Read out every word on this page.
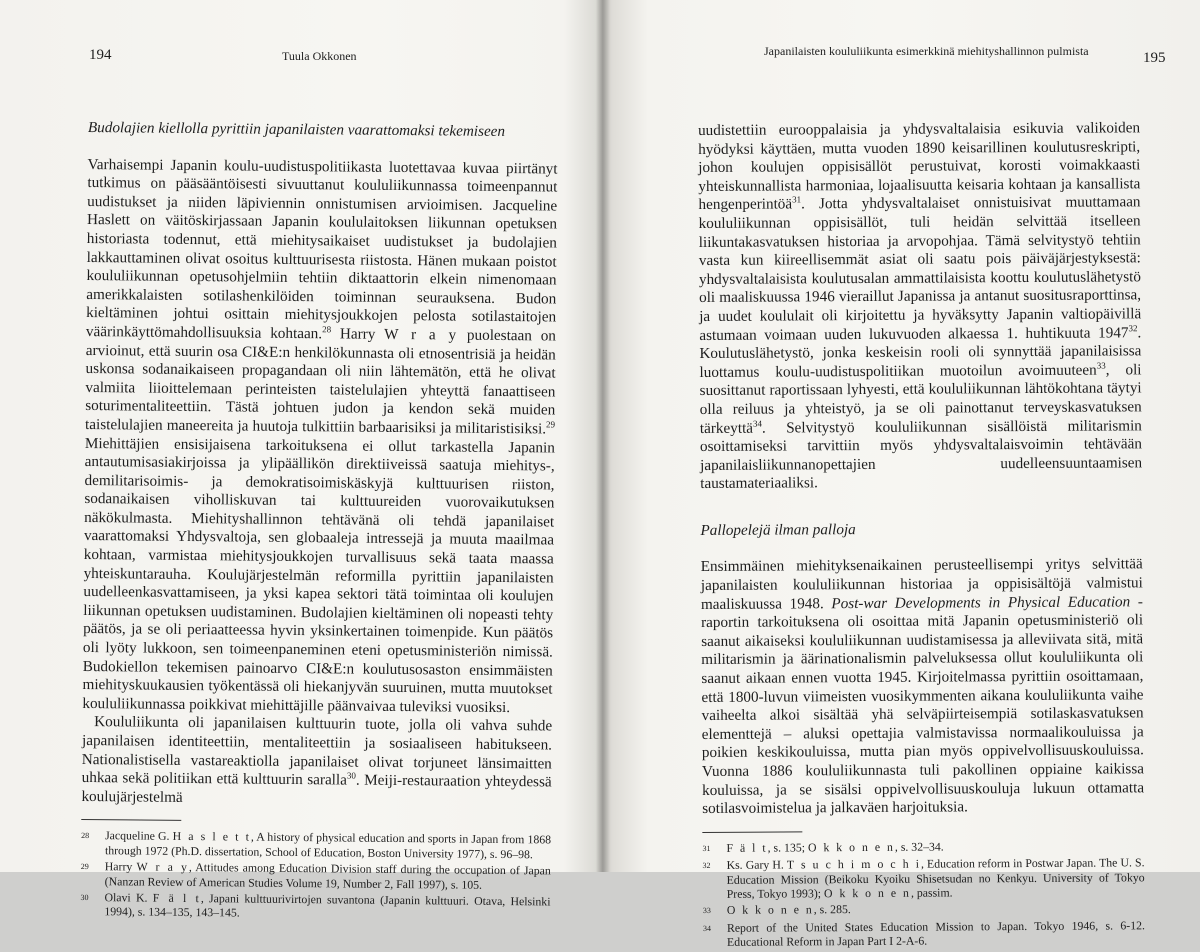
194	Tuula Okkonen
Budolajien kiellolla pyrittiin japanilaisten vaarattomaksi tekemiseen

Varhaisempi Japanin koulu-uudistuspolitiikasta luotettavaa kuvaa piirtänyt tutkimus on pääsääntöisesti sivuuttanut koululiikunnassa toimeenpannut uudistukset ja niiden läpiviennin onnistumisen arvioimisen. Jacqueline Haslett on väitöskirjassaan Japanin koululaitoksen liikunnan opetuksen historiasta todennut, että miehitysaikaiset uudistukset ja budolajien lakkauttaminen olivat osoitus kulttuurisesta riistosta. Hänen mukaan poistot koululiikunnan opetusohjelmiin tehtiin diktaattorin elkein nimenomaan amerikkalaisten sotilashenkilöiden toiminnan seurauksena. Budon kieltäminen johtui osittain miehitysjoukkojen pelosta sotilastaitojen väärinkäyttömahdollisuuksia kohtaan.$^{28}$ Harry W r a y puolestaan on arvioinut, että suurin osa CI&E:n henkilökunnasta oli etnosentrisiä ja heidän uskonsa sodanaikaiseen propagandaan oli niin lähtemätön, että he olivat valmiita liioittelemaan perinteisten taistelulajien yhteyttä fanaattiseen soturimentaliteettiin. Tästä johtuen judon ja kendon sekä muiden taistelulajien maneereita ja huutoja tulkittiin barbaarisiksi ja militaristisiksi.$^{29}$ Miehittäjien ensisijaisena tarkoituksena ei ollut tarkastella Japanin antautumisasiakirjoissa ja ylipäällikön direktiiveissä saatuja miehitys-, demilitarisoimis- ja demokratisoimiskäskyjä kulttuurisen riiston, sodanaikaisen viholliskuvan tai kulttuureiden vuorovaikutuksen näkökulmasta. Miehityshallinnon tehtävänä oli tehdä japanilaiset vaarattomaksi Yhdysvaltoja, sen globaaleja intressejä ja muuta maailmaa kohtaan, varmistaa miehitysjoukkojen turvallisuus sekä taata maassa yhteiskuntarauha. Koulujärjestelmän reformilla pyrittiin japanilaisten uudelleenkasvattamiseen, ja yksi kapea sektori tätä toimintaa oli koulujen liikunnan opetuksen uudistaminen. Budolajien kieltäminen oli nopeasti tehty päätös, ja se oli periaatteessa hyvin yksinkertainen toimenpide. Kun päätös oli lyöty lukkoon, sen toimeenpaneminen eteni opetusministeriön nimissä. Budokiellon tekemisen painoarvo CI&E:n koulutusosaston ensimmäisten miehityskuukausien työkentässä oli hiekanjyvän suuruinen, mutta muutokset koululiikunnassa poikkivat miehittäjille päänvaivaa tuleviksi vuosiksi.

Koululiikunta oli japanilaisen kulttuurin tuote, jolla oli vahva suhde japanilaisen identiteettiin, mentaliteettiin ja sosiaaliseen habitukseen. Nationalistisella vastareaktiolla japanilaiset olivat torjuneet länsimaitten uhkaa sekä politiikan että kulttuurin saralla$^{30}$. Meiji-restauraation yhteydessä koulujärjestelmä

28	Jacqueline G. H a s l e t t, A history of physical education and sports in Japan from 1868 through 1972 (Ph.D. dissertation, School of Education, Boston University 1977), s. 96–98.
29	Harry W r a y, Attitudes among Education Division staff during the occupation of Japan (Nanzan Review of American Studies Volume 19, Number 2, Fall 1997), s. 105.
30	Olavi K. F ä l t, Japani kulttuurivirtojen suvantona (Japanin kulttuuri. Otava, Helsinki 1994), s. 134–135, 143–145.
Japanilaisten koululiikunta esimerkkinä miehityshallinnon pulmista	195

uudistettiin eurooppalaisia ja yhdysvaltalaisia esikuvia valikoiden hyödyksi käyttäen, mutta vuoden 1890 keisarillinen koulutusreskripti, johon koulujen oppisisällöt perustuivat, korosti voimakkaasti yhteiskunnallista harmoniaa, lojaalisuutta keisaria kohtaan ja kansallista hengenperintöä$^{31}$. Jotta yhdysvaltalaiset onnistuisivat muuttamaan koululiikunnan oppisisällöt, tuli heidän selvittää itselleen liikuntakasvatuksen historiaa ja arvopohjaa. Tämä selvitystyö tehtiin vasta kun kiireellisemmät asiat oli saatu pois päiväjärjestyksestä: yhdysvaltalaisista koulutusalan ammattilaisista koottu koulutuslähetystö oli maaliskuussa 1946 vieraillut Japanissa ja antanut suositusraporttinsa, ja uudet koululait oli kirjoitettu ja hyväksytty Japanin valtiopäivillä astumaan voimaan uuden lukuvuoden alkaessa 1. huhtikuuta 1947$^{32}$. Koulutuslähetystö, jonka keskeisin rooli oli synnyttää japanilaisissa luottamus koulu-uudistuspolitiikan muotoilun avoimuuteen$^{33}$, oli suosittanut raportissaan lyhyesti, että koululiikunnan lähtökohtana täytyi olla reiluus ja yhteistyö, ja se oli painottanut terveyskasvatuksen tärkeyttä$^{34}$. Selvitystyö koululiikunnan sisällöistä militarismin osoittamiseksi tarvittiin myös yhdysvaltalaisvoimin tehtävään japanilaisliikunnanopettajien uudelleensuuntaamisen taustamateriaaliksi.

Pallopelejä ilman palloja

Ensimmäinen miehityksenaikainen perusteellisempi yritys selvittää japanilaisten koululiikunnan historiaa ja oppisisältöjä valmistui maaliskuussa 1948. Post-war Developments in Physical Education -raportin tarkoituksena oli osoittaa mitä Japanin opetusministeriö oli saanut aikaiseksi koululiikunnan uudistamisessa ja alleviivata sitä, mitä militarismin ja äärinationalismin palveluksessa ollut koululiikunta oli saanut aikaan ennen vuotta 1945. Kirjoitelmassa pyrittiin osoittamaan, että 1800-luvun viimeisten vuosikymmenten aikana koululiikunta vaihe vaiheelta alkoi sisältää yhä selväpiirteisempiä sotilaskasvatuksen elementtejä – aluksi opettajia valmistavissa normaalikouluissa ja poikien keskikouluissa, mutta pian myös oppivelvollisuuskouluissa. Vuonna 1886 koululiikunnasta tuli pakollinen oppiaine kaikissa kouluissa, ja se sisälsi oppivelvollisuuskouluja lukuun ottamatta sotilasvoimistelua ja jalkaväen harjoituksia.

31	F ä l t, s. 135; O k k o n e n, s. 32–34.
32	Ks. Gary H. T s u c h i m o c h i, Education reform in Postwar Japan. The U. S. Education Mission (Beikoku Kyoiku Shisetsudan no Kenkyu. University of Tokyo Press, Tokyo 1993); O k k o n e n, passim.
33	O k k o n e n, s. 285.
34	Report of the United States Education Mission to Japan. Tokyo 1946, s. 6-12. Educational Reform in Japan Part I 2-A-6.
